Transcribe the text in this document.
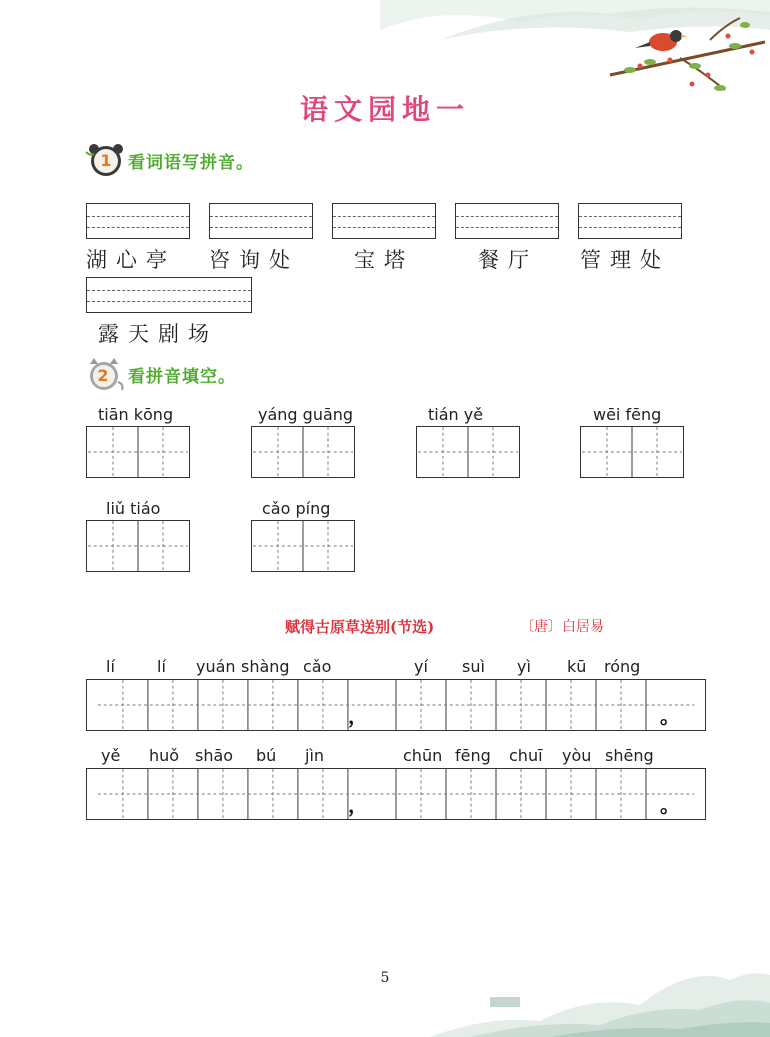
语文园地一
1 看词语写拼音。
湖心亭 咨询处	宝塔	餐厅 管理处
露天剧场
2 看拼音填空。
tiān kōng	yáng guāng	tián yě	wēi fēng
liǔ tiáo	cǎo píng
赋得古原草送别(节选)	〔唐〕白居易
lí	lí yuán shàng cǎo	yí suì yì kū róng
，	。
yě huǒ shāo bú jìn	chūn fēng chuī yòu shēng
，	。
5
